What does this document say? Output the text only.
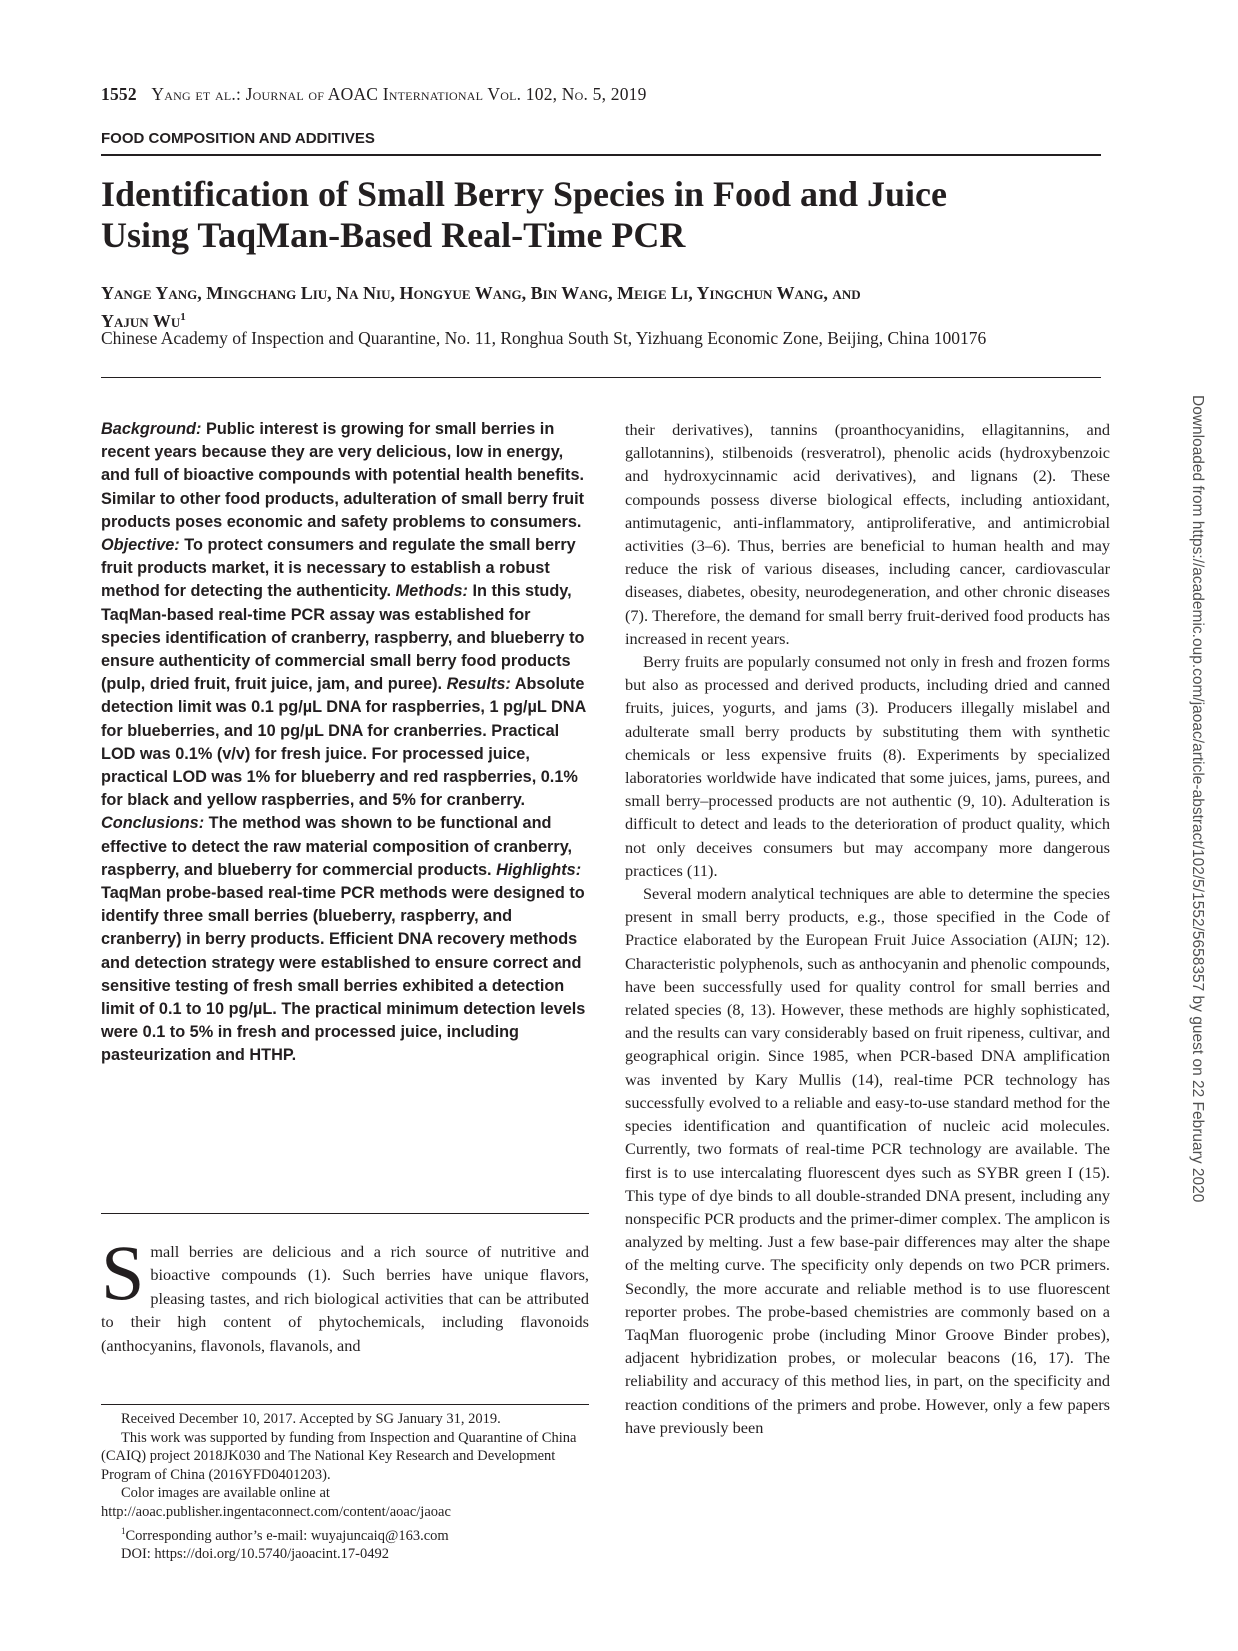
1552 Yang et al.: Journal of AOAC International Vol. 102, No. 5, 2019
FOOD COMPOSITION AND ADDITIVES
Identification of Small Berry Species in Food and Juice
Using TaqMan-Based Real-Time PCR
Yange Yang, Mingchang Liu, Na Niu, Hongyue Wang, Bin Wang, Meige Li, Yingchun Wang, and
Yajun Wu$^1$
Chinese Academy of Inspection and Quarantine, No. 11, Ronghua South St, Yizhuang Economic Zone, Beijing, China 100176
Background: Public interest is growing for small berries in recent years because they are very delicious, low in energy, and full of bioactive compounds with potential health benefits. Similar to other food products, adulteration of small berry fruit products poses economic and safety problems to consumers. Objective: To protect consumers and regulate the small berry fruit products market, it is necessary to establish a robust method for detecting the authenticity. Methods: In this study, TaqMan-based real-time PCR assay was established for species identification of cranberry, raspberry, and blueberry to ensure authenticity of commercial small berry food products (pulp, dried fruit, fruit juice, jam, and puree). Results: Absolute detection limit was 0.1 pg/µL DNA for raspberries, 1 pg/µL DNA for blueberries, and 10 pg/µL DNA for cranberries. Practical LOD was 0.1% (v/v) for fresh juice. For processed juice, practical LOD was 1% for blueberry and red raspberries, 0.1% for black and yellow raspberries, and 5% for cranberry. Conclusions: The method was shown to be functional and effective to detect the raw material composition of cranberry, raspberry, and blueberry for commercial products. Highlights: TaqMan probe-based real-time PCR methods were designed to identify three small berries (blueberry, raspberry, and cranberry) in berry products. Efficient DNA recovery methods and detection strategy were established to ensure correct and sensitive testing of fresh small berries exhibited a detection limit of 0.1 to 10 pg/µL. The practical minimum detection levels were 0.1 to 5% in fresh and processed juice, including pasteurization and HTHP.
S mall berries are delicious and a rich source of nutritive and bioactive compounds (1). Such berries have unique flavors, pleasing tastes, and rich biological activities that can be attributed to their high content of phytochemicals, including flavonoids (anthocyanins, flavonols, flavanols, and

Received December 10, 2017. Accepted by SG January 31, 2019.

This work was supported by funding from Inspection and Quarantine of China (CAIQ) project 2018JK030 and The National Key Research and Development Program of China (2016YFD0401203).

Color images are available online at http://aoac.publisher.ingentaconnect.com/content/aoac/jaoac

$^1$Corresponding author’s e-mail: wuyajuncaiq@163.com

DOI: https://doi.org/10.5740/jaoacint.17-0492

their derivatives), tannins (proanthocyanidins, ellagitannins, and gallotannins), stilbenoids (resveratrol), phenolic acids (hydroxybenzoic and hydroxycinnamic acid derivatives), and lignans (2). These compounds possess diverse biological effects, including antioxidant, antimutagenic, anti-inflammatory, antiproliferative, and antimicrobial activities (3–6). Thus, berries are beneficial to human health and may reduce the risk of various diseases, including cancer, cardiovascular diseases, diabetes, obesity, neurodegeneration, and other chronic diseases (7). Therefore, the demand for small berry fruit-derived food products has increased in recent years.

Berry fruits are popularly consumed not only in fresh and frozen forms but also as processed and derived products, including dried and canned fruits, juices, yogurts, and jams (3). Producers illegally mislabel and adulterate small berry products by substituting them with synthetic chemicals or less expensive fruits (8). Experiments by specialized laboratories worldwide have indicated that some juices, jams, purees, and small berry–processed products are not authentic (9, 10). Adulteration is difficult to detect and leads to the deterioration of product quality, which not only deceives consumers but may accompany more dangerous practices (11).

Several modern analytical techniques are able to determine the species present in small berry products, e.g., those specified in the Code of Practice elaborated by the European Fruit Juice Association (AIJN; 12). Characteristic polyphenols, such as anthocyanin and phenolic compounds, have been successfully used for quality control for small berries and related species (8, 13). However, these methods are highly sophisticated, and the results can vary considerably based on fruit ripeness, cultivar, and geographical origin. Since 1985, when PCR-based DNA amplification was invented by Kary Mullis (14), real-time PCR technology has successfully evolved to a reliable and easy-to-use standard method for the species identification and quantification of nucleic acid molecules. Currently, two formats of real-time PCR technology are available. The first is to use intercalating fluorescent dyes such as SYBR green I (15). This type of dye binds to all double-stranded DNA present, including any nonspecific PCR products and the primer-dimer complex. The amplicon is analyzed by melting. Just a few base-pair differences may alter the shape of the melting curve. The specificity only depends on two PCR primers. Secondly, the more accurate and reliable method is to use fluorescent reporter probes. The probe-based chemistries are commonly based on a TaqMan fluorogenic probe (including Minor Groove Binder probes), adjacent hybridization probes, or molecular beacons (16, 17). The reliability and accuracy of this method lies, in part, on the specificity and reaction conditions of the primers and probe. However, only a few papers have previously been

Downloaded from https://academic.oup.com/jaoac/article-abstract/102/5/1552/5658357 by guest on 22 February 2020
